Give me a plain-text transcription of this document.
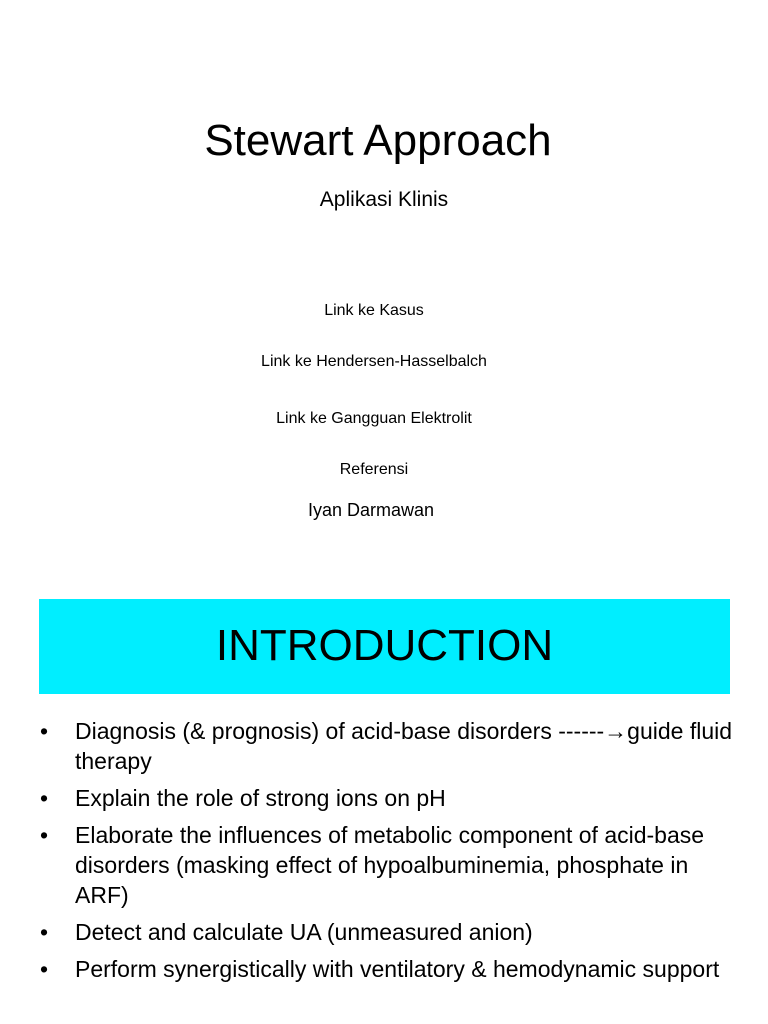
Stewart Approach
Aplikasi Klinis
Link ke Kasus
Link ke Hendersen-Hasselbalch
Link ke Gangguan Elektrolit
Referensi
Iyan Darmawan
INTRODUCTION
• Diagnosis (& prognosis) of acid-base disorders ------→guide fluid therapy
• Explain the role of strong ions on pH
• Elaborate the influences of metabolic component of acid-base disorders (masking effect of hypoalbuminemia, phosphate in ARF)
• Detect and calculate UA (unmeasured anion)
• Perform synergistically with ventilatory & hemodynamic support
